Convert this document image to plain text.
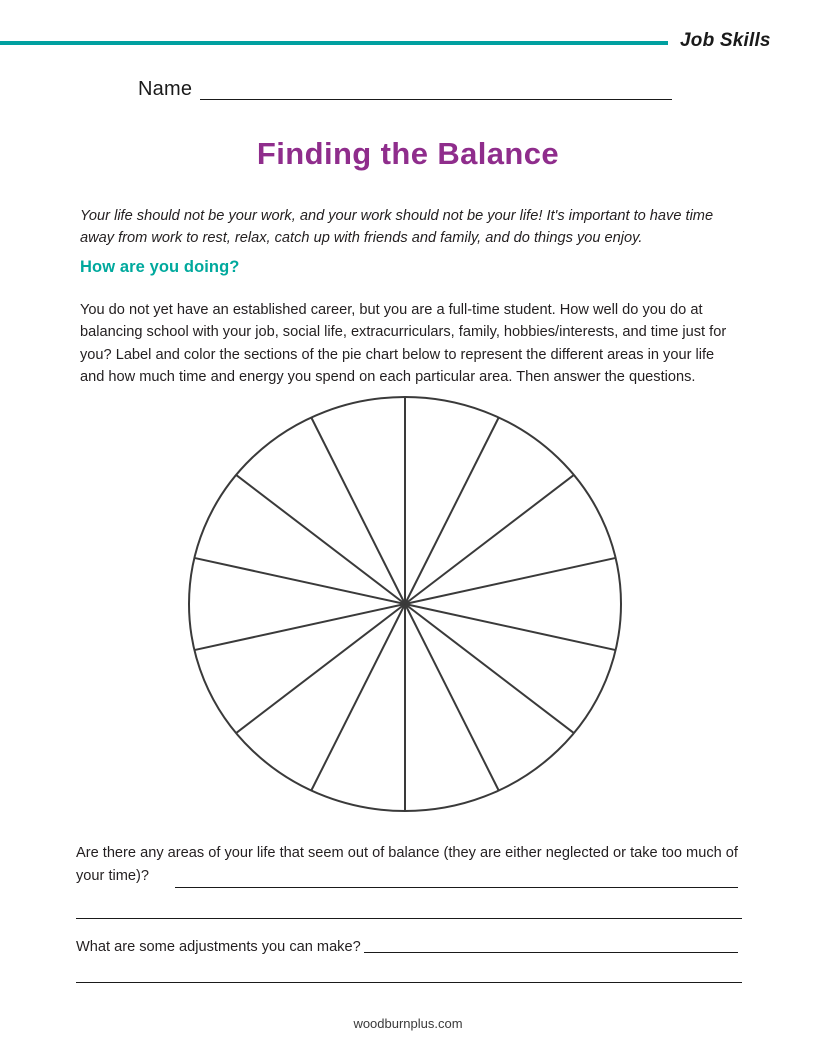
Job Skills
Name
Finding the Balance

Your life should not be your work, and your work should not be your life! It's important to have time away from work to rest, relax, catch up with friends and family, and do things you enjoy.

How are you doing?

You do not yet have an established career, but you are a full-time student. How well do you do at balancing school with your job, social life, extracurriculars, family, hobbies/interests, and time just for you? Label and color the sections of the pie chart below to represent the different areas in your life and how much time and energy you spend on each particular area. Then answer the questions.

Are there any areas of your life that seem out of balance (they are either neglected or take too much of your time)?
What are some adjustments you can make?
woodburnplus.com
